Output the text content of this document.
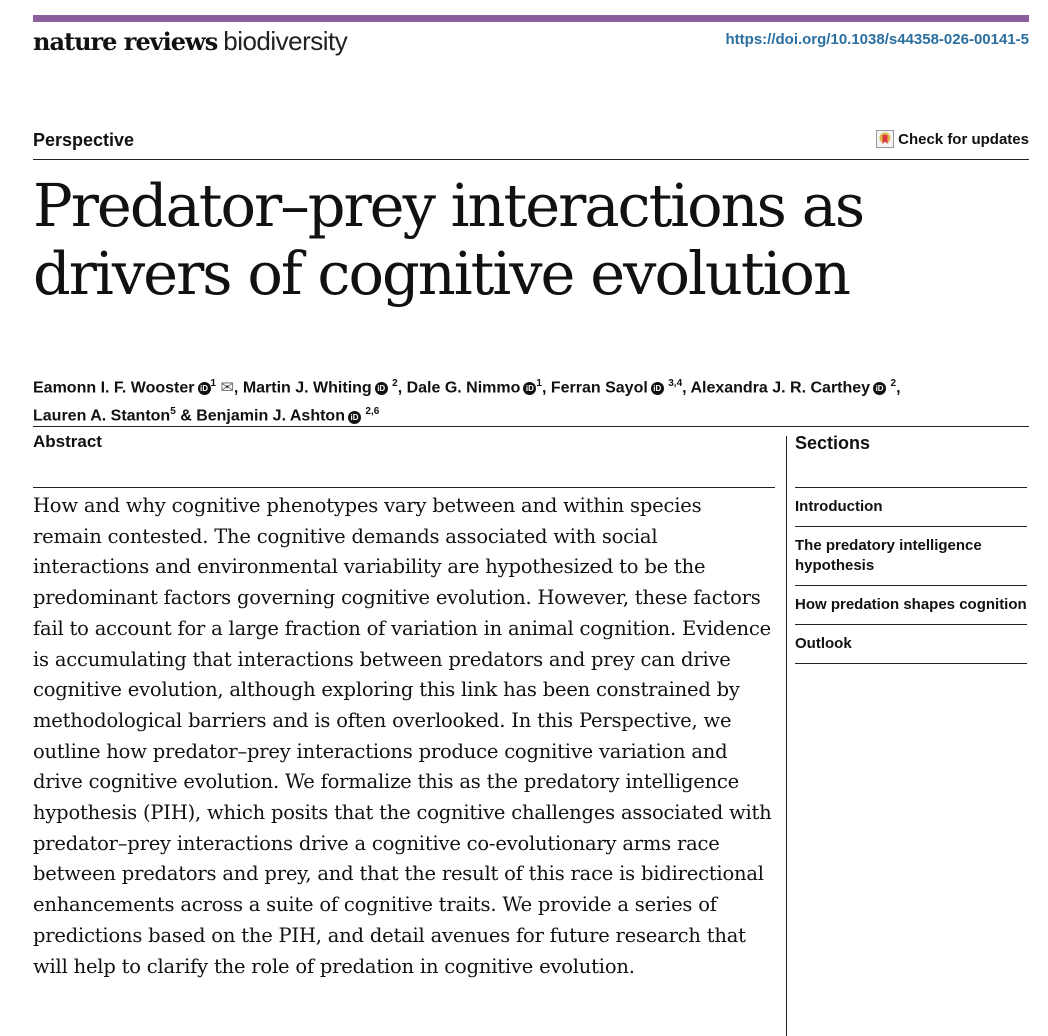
nature reviews biodiversity	https://doi.org/10.1038/s44358-026-00141-5
Perspective	Check for updates
Predator–prey interactions as drivers of cognitive evolution
Eamonn I. F. Wooster iD $^1$ ✉, Martin J. Whiting iD $^2$, Dale G. Nimmo iD $^1$, Ferran Sayol iD $^{3,4}$, Alexandra J. R. Carthey iD $^2$,
Lauren A. Stanton$^5$ & Benjamin J. Ashton iD $^{2,6}$
Abstract

How and why cognitive phenotypes vary between and within species remain contested. The cognitive demands associated with social interactions and environmental variability are hypothesized to be the predominant factors governing cognitive evolution. However, these factors fail to account for a large fraction of variation in animal cognition. Evidence is accumulating that interactions between predators and prey can drive cognitive evolution, although exploring this link has been constrained by methodological barriers and is often overlooked. In this Perspective, we outline how predator–prey interactions produce cognitive variation and drive cognitive evolution. We formalize this as the predatory intelligence hypothesis (PIH), which posits that the cognitive challenges associated with predator–prey interactions drive a cognitive co-evolutionary arms race between predators and prey, and that the result of this race is bidirectional enhancements across a suite of cognitive traits. We provide a series of predictions based on the PIH, and detail avenues for future research that will help to clarify the role of predation in cognitive evolution.

Sections
Introduction
The predatory intelligence hypothesis
How predation shapes cognition
Outlook
